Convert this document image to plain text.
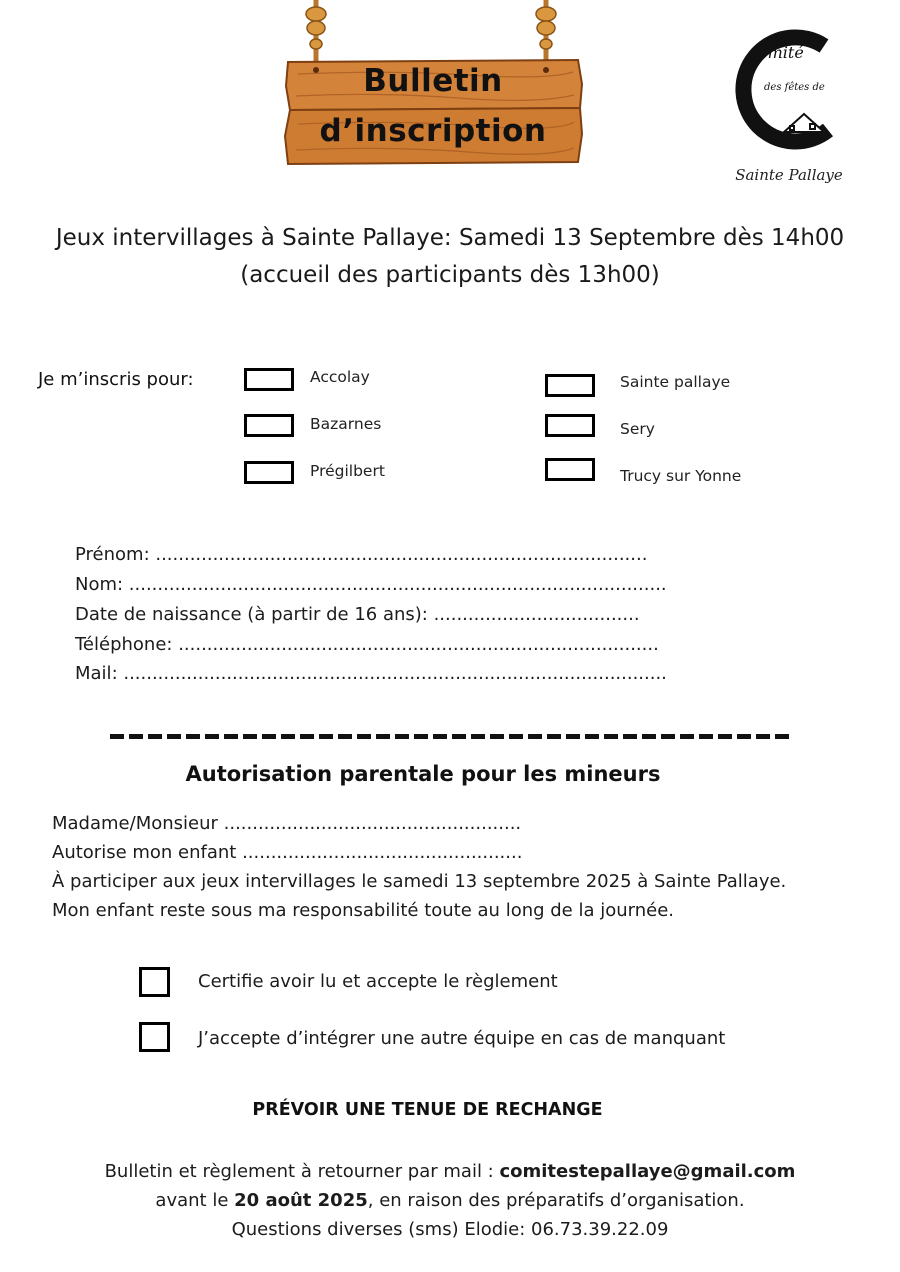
Bulletin
d’inscription
omité
des fêtes de
Sainte Pallaye
Jeux intervillages à Sainte Pallaye: Samedi 13 Septembre dès 14h00
(accueil des participants dès 13h00)
Je m’inscris pour:	Accolay
Bazarnes
Prégilbert
Sainte pallaye
Sery
Trucy sur Yonne
Prénom: ......................................................................................
Nom: ..............................................................................................
Date de naissance (à partir de 16 ans): ....................................
Téléphone: ....................................................................................
Mail: ...............................................................................................
Autorisation parentale pour les mineurs
Madame/Monsieur ....................................................
Autorise mon enfant .................................................
À participer aux jeux intervillages le samedi 13 septembre 2025 à Sainte Pallaye.
Mon enfant reste sous ma responsabilité toute au long de la journée.
Certifie avoir lu et accepte le règlement
J’accepte d’intégrer une autre équipe en cas de manquant
PRÉVOIR UNE TENUE DE RECHANGE
Bulletin et règlement à retourner par mail : comitestepallaye@gmail.com
avant le 20 août 2025, en raison des préparatifs d’organisation.
Questions diverses (sms) Elodie: 06.73.39.22.09
